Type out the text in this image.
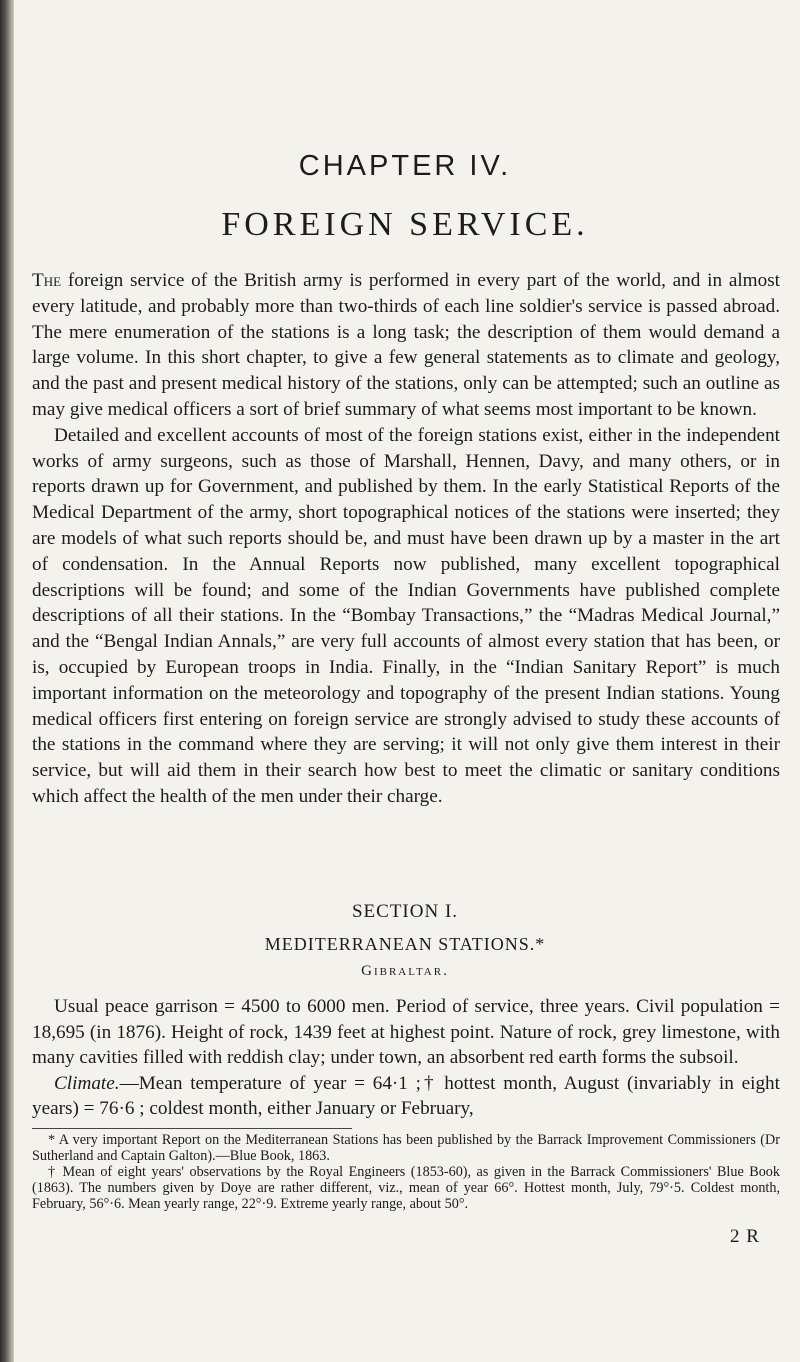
CHAPTER IV.
FOREIGN SERVICE.

The foreign service of the British army is performed in every part of the world, and in almost every latitude, and probably more than two-thirds of each line soldier's service is passed abroad. The mere enumeration of the stations is a long task; the description of them would demand a large volume. In this short chapter, to give a few general statements as to climate and geology, and the past and present medical history of the stations, only can be attempted; such an outline as may give medical officers a sort of brief summary of what seems most important to be known.

Detailed and excellent accounts of most of the foreign stations exist, either in the independent works of army surgeons, such as those of Marshall, Hennen, Davy, and many others, or in reports drawn up for Government, and published by them. In the early Statistical Reports of the Medical Department of the army, short topographical notices of the stations were inserted; they are models of what such reports should be, and must have been drawn up by a master in the art of condensation. In the Annual Reports now published, many excellent topographical descriptions will be found; and some of the Indian Governments have published complete descriptions of all their stations. In the “Bombay Transactions,” the “Madras Medical Journal,” and the “Bengal Indian Annals,” are very full accounts of almost every station that has been, or is, occupied by European troops in India. Finally, in the “Indian Sanitary Report” is much important information on the meteorology and topography of the present Indian stations. Young medical officers first entering on foreign service are strongly advised to study these accounts of the stations in the command where they are serving; it will not only give them interest in their service, but will aid them in their search how best to meet the climatic or sanitary conditions which affect the health of the men under their charge.

SECTION I.
MEDITERRANEAN STATIONS.*
Gibraltar.

Usual peace garrison = 4500 to 6000 men. Period of service, three years. Civil population = 18,695 (in 1876). Height of rock, 1439 feet at highest point. Nature of rock, grey limestone, with many cavities filled with reddish clay; under town, an absorbent red earth forms the subsoil.

Climate.—Mean temperature of year = 64·1 ;† hottest month, August (invariably in eight years) = 76·6 ; coldest month, either January or February,

* A very important Report on the Mediterranean Stations has been published by the Barrack Improvement Commissioners (Dr Sutherland and Captain Galton).—Blue Book, 1863.

† Mean of eight years' observations by the Royal Engineers (1853-60), as given in the Barrack Commissioners' Blue Book (1863). The numbers given by Doye are rather different, viz., mean of year 66°. Hottest month, July, 79°·5. Coldest month, February, 56°·6. Mean yearly range, 22°·9. Extreme yearly range, about 50°.

2 R
